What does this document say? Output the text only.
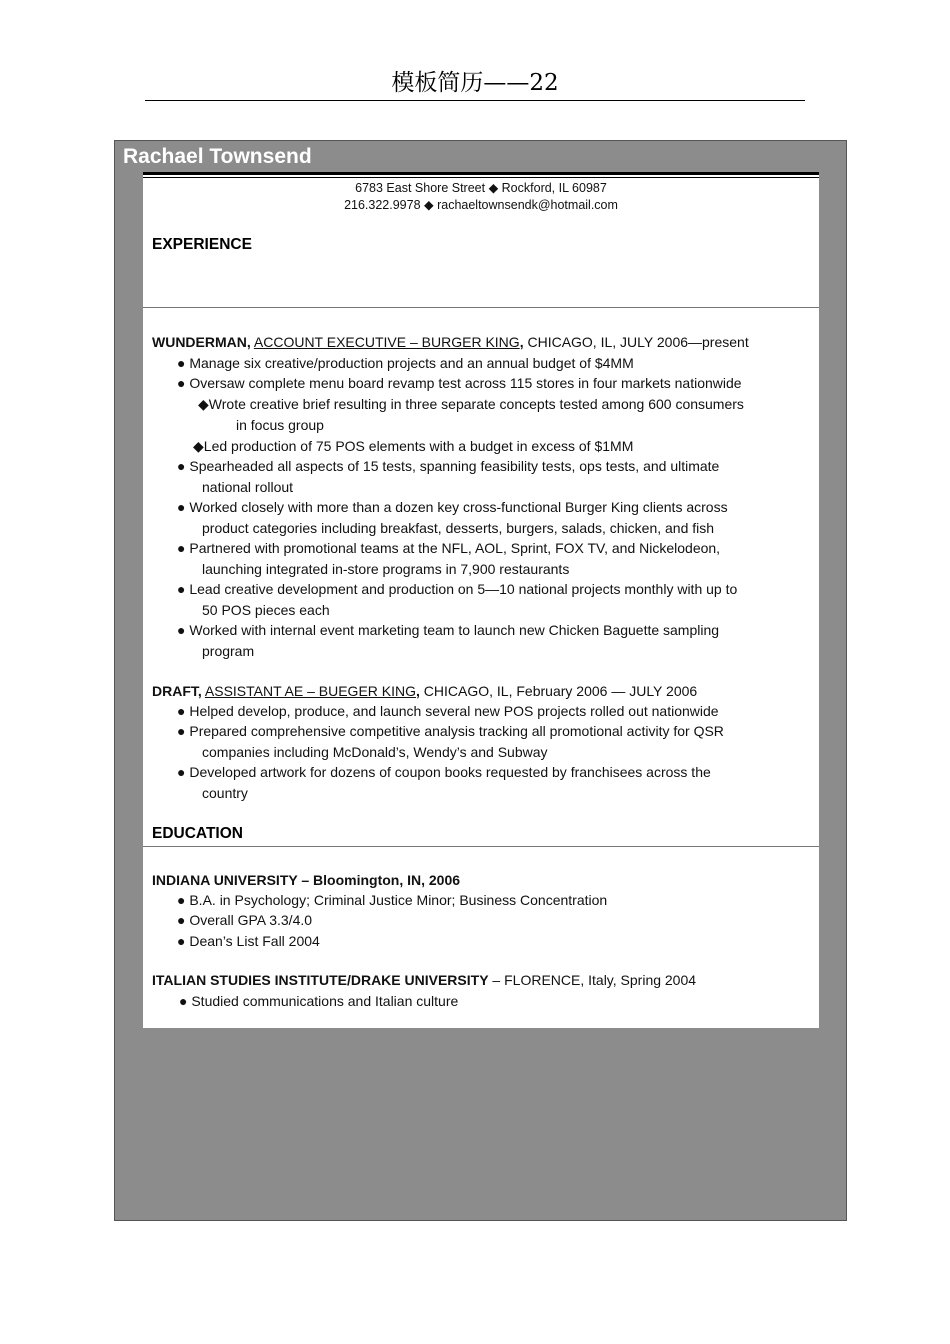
模板简历——22
Rachael Townsend
6783 East Shore Street ◆ Rockford, IL 60987
216.322.9978 ◆ rachaeltownsendk@hotmail.com
EXPERIENCE
WUNDERMAN, ACCOUNT EXECUTIVE – BURGER KING, CHICAGO, IL, JULY 2006—present
● Manage six creative/production projects and an annual budget of $4MM
● Oversaw complete menu board revamp test across 115 stores in four markets nationwide
◆Wrote creative brief resulting in three separate concepts tested among 600 consumers
in focus group
◆Led production of 75 POS elements with a budget in excess of $1MM
● Spearheaded all aspects of 15 tests, spanning feasibility tests, ops tests, and ultimate
national rollout
● Worked closely with more than a dozen key cross-functional Burger King clients across
product categories including breakfast, desserts, burgers, salads, chicken, and fish
● Partnered with promotional teams at the NFL, AOL, Sprint, FOX TV, and Nickelodeon,
launching integrated in-store programs in 7,900 restaurants
● Lead creative development and production on 5—10 national projects monthly with up to
50 POS pieces each
● Worked with internal event marketing team to launch new Chicken Baguette sampling
program
DRAFT, ASSISTANT AE – BUEGER KING, CHICAGO, IL, February 2006 — JULY 2006
● Helped develop, produce, and launch several new POS projects rolled out nationwide
● Prepared comprehensive competitive analysis tracking all promotional activity for QSR
companies including McDonald’s, Wendy’s and Subway
● Developed artwork for dozens of coupon books requested by franchisees across the
country
EDUCATION
INDIANA UNIVERSITY – Bloomington, IN, 2006
● B.A. in Psychology; Criminal Justice Minor; Business Concentration
● Overall GPA 3.3/4.0
● Dean’s List Fall 2004
ITALIAN STUDIES INSTITUTE/DRAKE UNIVERSITY – FLORENCE, Italy, Spring 2004
● Studied communications and Italian culture
